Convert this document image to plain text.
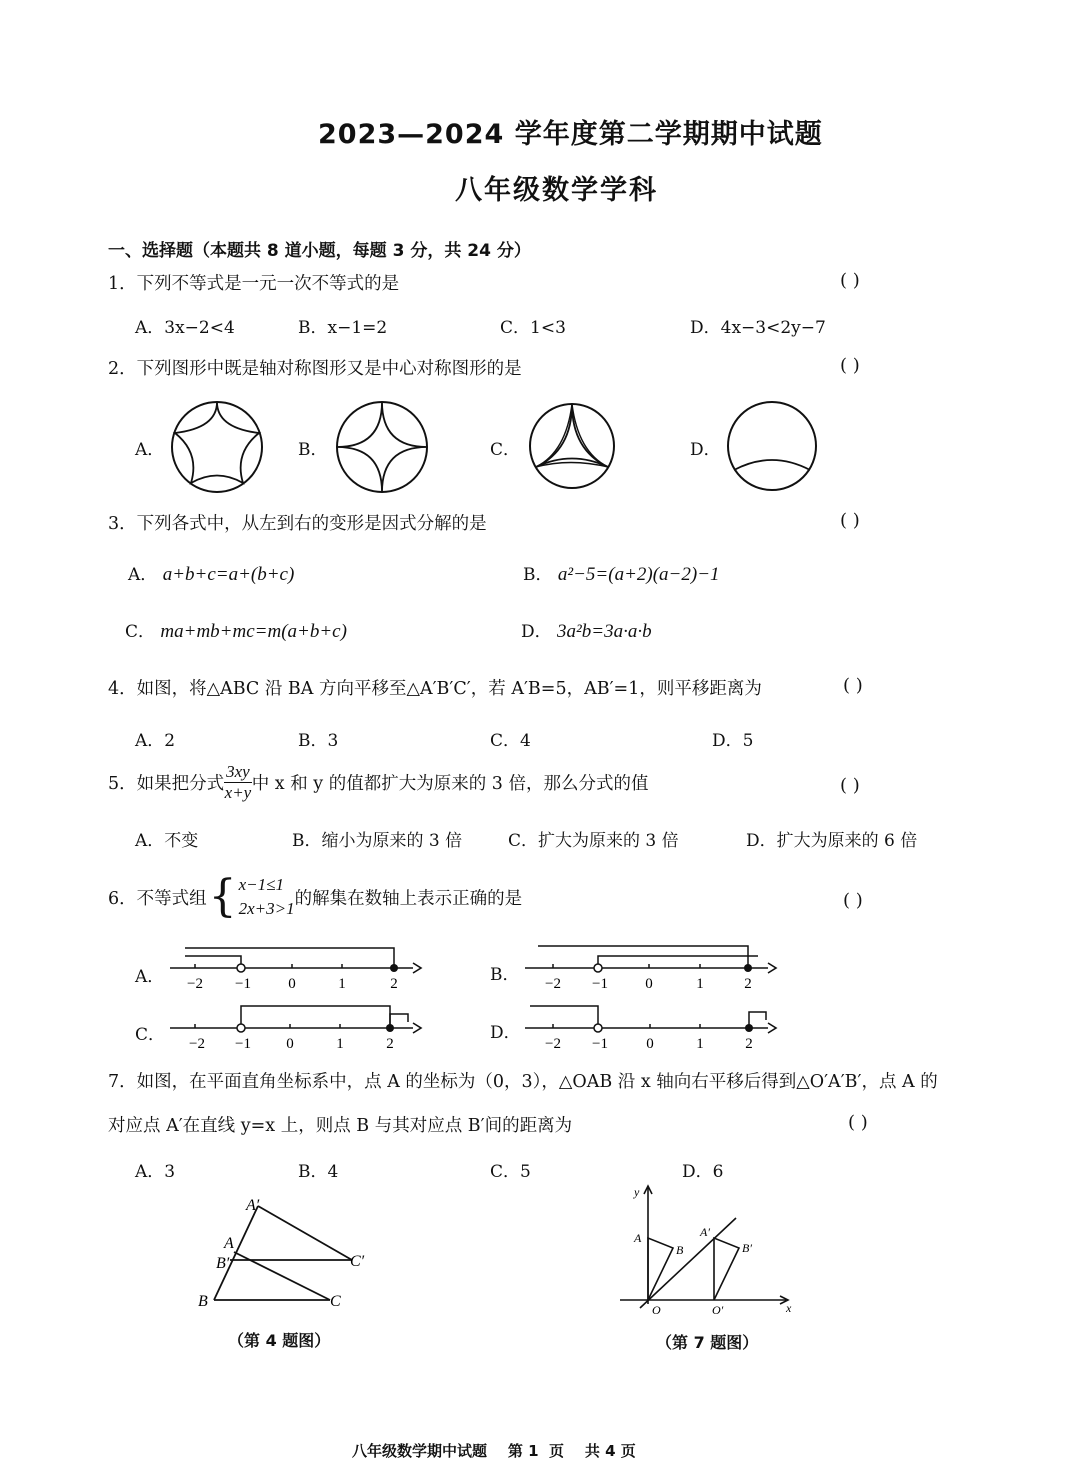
2023—2024 学年度第二学期期中试题
八年级数学学科
一、选择题（本题共 8 道小题，每题 3 分，共 24 分）
1．下列不等式是一元一次不等式的是	( )
A．3x−2<4	B．x−1=2	C．1<3	D．4x−3<2y−7
2．下列图形中既是轴对称图形又是中心对称图形的是	( )
A．	B．	C．	D．
3．下列各式中，从左到右的变形是因式分解的是	( )
A． a+b+c=a+(b+c)	B． a²−5=(a+2)(a−2)−1
C． ma+mb+mc=m(a+b+c)	D． 3a²b=3a·a·b
4．如图，将△ABC 沿 BA 方向平移至△A′B′C′，若 A′B=5，AB′=1，则平移距离为	( )
A．2	B．3	C．4	D．5
5．如果把分式 $\frac{3xy}{x+y}$ 中 x 和 y 的值都扩大为原来的 3 倍，那么分式的值	( )
A．不变	B．缩小为原来的 3 倍	C．扩大为原来的 3 倍	D．扩大为原来的 6 倍
6．不等式组 { x−1≤1
2x+3>1 的解集在数轴上表示正确的是	( )
A．	B．
C．	D．
−2 −1 0	1	2	−2 −1 0	1	2
−2 −1 0	1	2	−2 −1	0	1	2
7．如图，在平面直角坐标系中，点 A 的坐标为（0，3），△OAB 沿 x 轴向右平移后得到△O′A′B′，点 A 的
对应点 A′在直线 y=x 上，则点 B 与其对应点 B′间的距离为	( )
A．3	B．4	C．5	D．6
A′
A
B′
B
C′
C
（第 4 题图）
y
x
A
B
A′
B′
O	O′
（第 7 题图）
八年级数学期中试题    第 1  页    共 4 页
